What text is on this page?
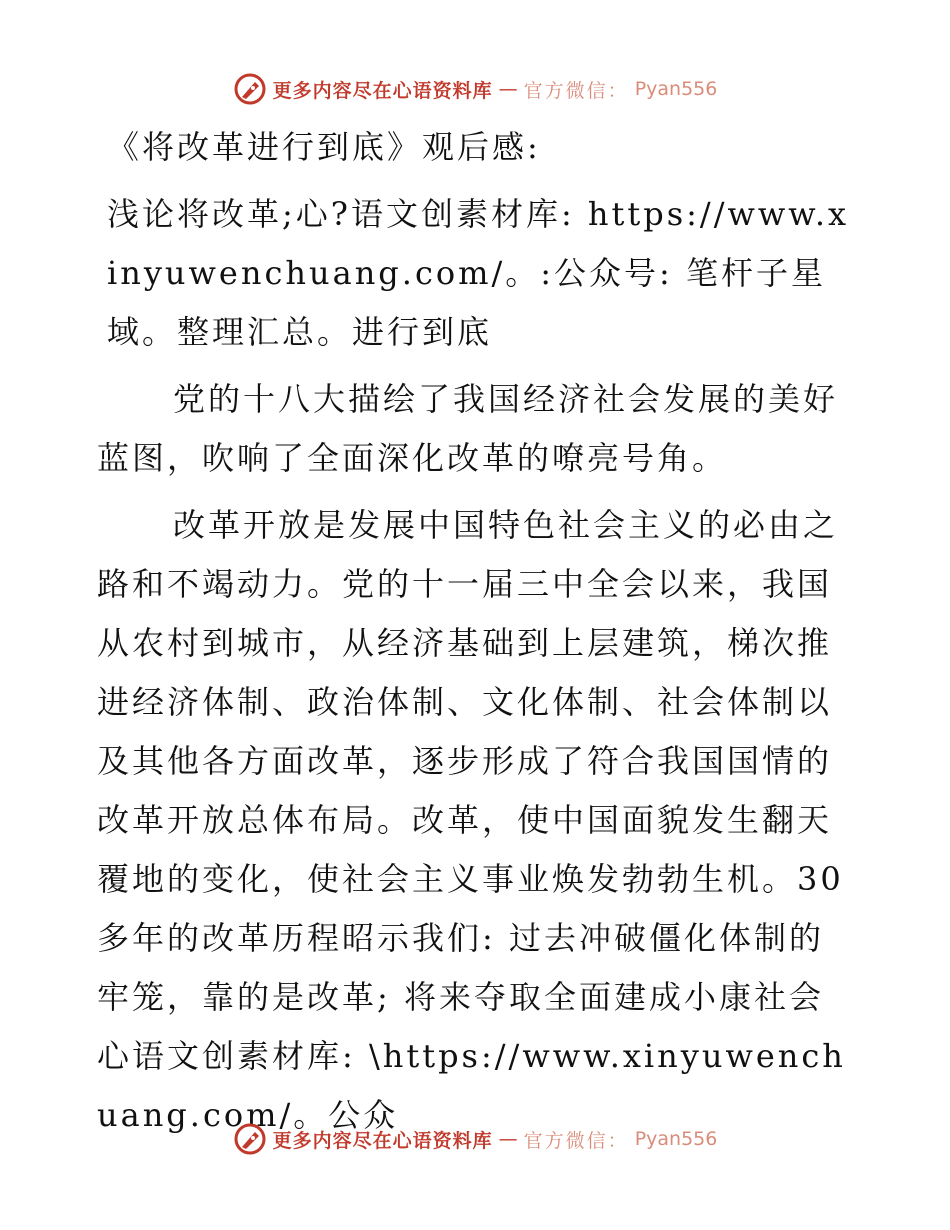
更多内容尽在心语资料库 — 官方微信： Pyan556

《将改革进行到底》观后感:

浅论将改革;心?语文创素材库: https://www.xinyuwenchuang.com/。:公众号: 笔杆子星域。整理汇总。进行到底

党的十八大描绘了我国经济社会发展的美好蓝图，吹响了全面深化改革的嘹亮号角。

改革开放是发展中国特色社会主义的必由之路和不竭动力。党的十一届三中全会以来，我国从农村到城市，从经济基础到上层建筑，梯次推进经济体制、政治体制、文化体制、社会体制以及其他各方面改革，逐步形成了符合我国国情的改革开放总体布局。改革，使中国面貌发生翻天覆地的变化，使社会主义事业焕发勃勃生机。30多年的改革历程昭示我们: 过去冲破僵化体制的牢笼，靠的是改革; 将来夺取全面建成小康社会心语文创素材库: \https://www.xinyuwenchuang.com/。公众

更多内容尽在心语资料库 — 官方微信： Pyan556
